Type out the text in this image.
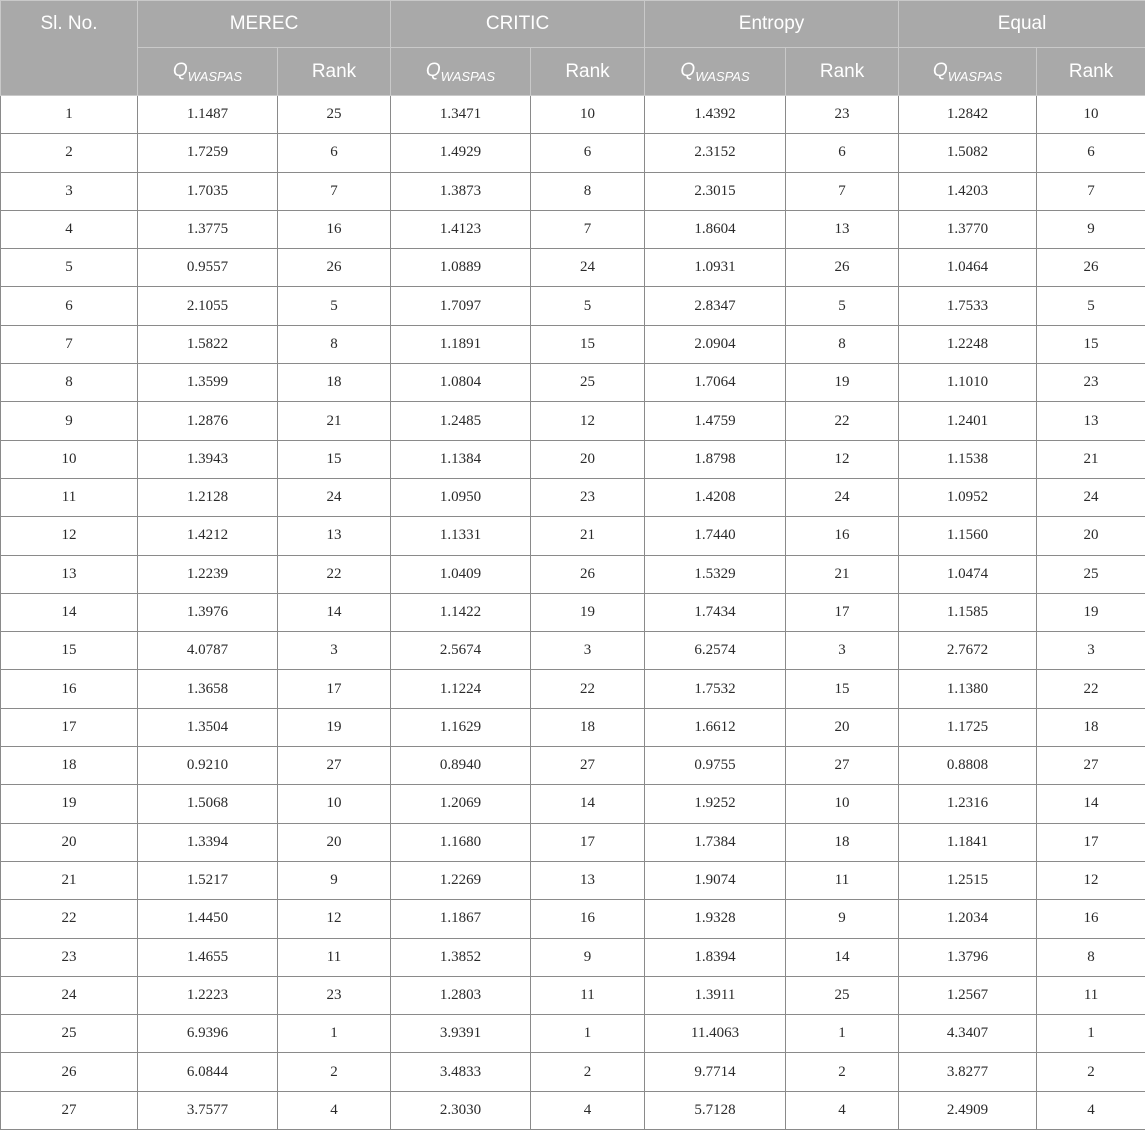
Sl. No.	MEREC		CRITIC		Entropy		Equal	
	$Q_{WASPAS}$	Rank	$Q_{WASPAS}$	Rank	$Q_{WASPAS}$	Rank	$Q_{WASPAS}$	Rank
1	1.1487	25	1.3471	10	1.4392	23	1.2842	10
2	1.7259	6	1.4929	6	2.3152	6	1.5082	6
3	1.7035	7	1.3873	8	2.3015	7	1.4203	7
4	1.3775	16	1.4123	7	1.8604	13	1.3770	9
5	0.9557	26	1.0889	24	1.0931	26	1.0464	26
6	2.1055	5	1.7097	5	2.8347	5	1.7533	5
7	1.5822	8	1.1891	15	2.0904	8	1.2248	15
8	1.3599	18	1.0804	25	1.7064	19	1.1010	23
9	1.2876	21	1.2485	12	1.4759	22	1.2401	13
10	1.3943	15	1.1384	20	1.8798	12	1.1538	21
11	1.2128	24	1.0950	23	1.4208	24	1.0952	24
12	1.4212	13	1.1331	21	1.7440	16	1.1560	20
13	1.2239	22	1.0409	26	1.5329	21	1.0474	25
14	1.3976	14	1.1422	19	1.7434	17	1.1585	19
15	4.0787	3	2.5674	3	6.2574	3	2.7672	3
16	1.3658	17	1.1224	22	1.7532	15	1.1380	22
17	1.3504	19	1.1629	18	1.6612	20	1.1725	18
18	0.9210	27	0.8940	27	0.9755	27	0.8808	27
19	1.5068	10	1.2069	14	1.9252	10	1.2316	14
20	1.3394	20	1.1680	17	1.7384	18	1.1841	17
21	1.5217	9	1.2269	13	1.9074	11	1.2515	12
22	1.4450	12	1.1867	16	1.9328	9	1.2034	16
23	1.4655	11	1.3852	9	1.8394	14	1.3796	8
24	1.2223	23	1.2803	11	1.3911	25	1.2567	11
25	6.9396	1	3.9391	1	11.4063	1	4.3407	1
26	6.0844	2	3.4833	2	9.7714	2	3.8277	2
27	3.7577	4	2.3030	4	5.7128	4	2.4909	4
